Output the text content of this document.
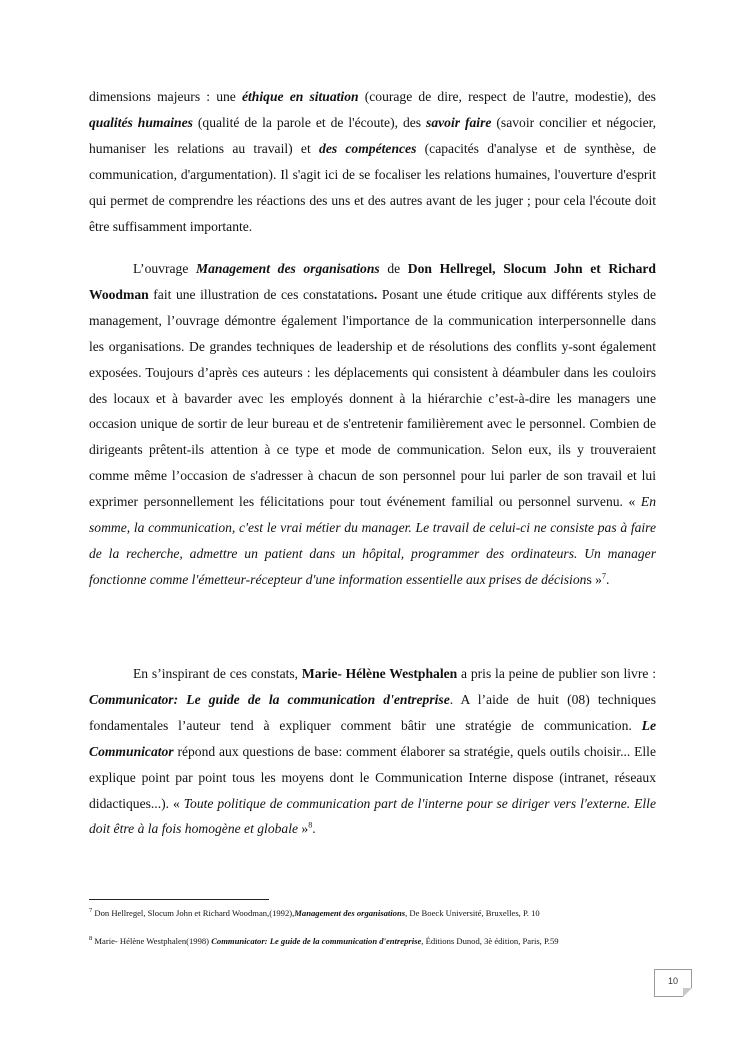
dimensions majeurs : une éthique en situation (courage de dire, respect de l'autre, modestie), des qualités humaines (qualité de la parole et de l'écoute), des savoir faire (savoir concilier et négocier, humaniser les relations au travail) et des compétences (capacités d'analyse et de synthèse, de communication, d'argumentation). Il s'agit ici de se focaliser les relations humaines, l'ouverture d'esprit qui permet de comprendre les réactions des uns et des autres avant de les juger ; pour cela l'écoute doit être suffisamment importante.

L’ouvrage Management des organisations de Don Hellregel, Slocum John et Richard Woodman fait une illustration de ces constatations. Posant une étude critique aux différents styles de management, l’ouvrage démontre également l'importance de la communication interpersonnelle dans les organisations. De grandes techniques de leadership et de résolutions des conflits y-sont également exposées. Toujours d’après ces auteurs : les déplacements qui consistent à déambuler dans les couloirs des locaux et à bavarder avec les employés donnent à la hiérarchie c’est-à-dire les managers une occasion unique de sortir de leur bureau et de s'entretenir familièrement avec le personnel. Combien de dirigeants prêtent-ils attention à ce type et mode de communication. Selon eux, ils y trouveraient comme même l’occasion de s'adresser à chacun de son personnel pour lui parler de son travail et lui exprimer personnellement les félicitations pour tout événement familial ou personnel survenu. « En somme, la communication, c'est le vrai métier du manager. Le travail de celui-ci ne consiste pas à faire de la recherche, admettre un patient dans un hôpital, programmer des ordinateurs. Un manager fonctionne comme l'émetteur-récepteur d'une information essentielle aux prises de décisions »$^7$.

En s’inspirant de ces constats, Marie- Hélène Westphalen a pris la peine de publier son livre : Communicator: Le guide de la communication d'entreprise. A l’aide de huit (08) techniques fondamentales l’auteur tend à expliquer comment bâtir une stratégie de communication. Le Communicator répond aux questions de base: comment élaborer sa stratégie, quels outils choisir... Elle explique point par point tous les moyens dont le Communication Interne dispose (intranet, réseaux didactiques...). « Toute politique de communication part de l'interne pour se diriger vers l'externe. Elle doit être à la fois homogène et globale »$^8$.

$^7$ Don Hellregel, Slocum John et Richard Woodman,(1992),Management des organisations, De Boeck Université, Bruxelles, P. 10

$^8$ Marie- Hélène Westphalen(1998) Communicator: Le guide de la communication d'entreprise, Éditions Dunod, 3è édition, Paris, P.59

10
